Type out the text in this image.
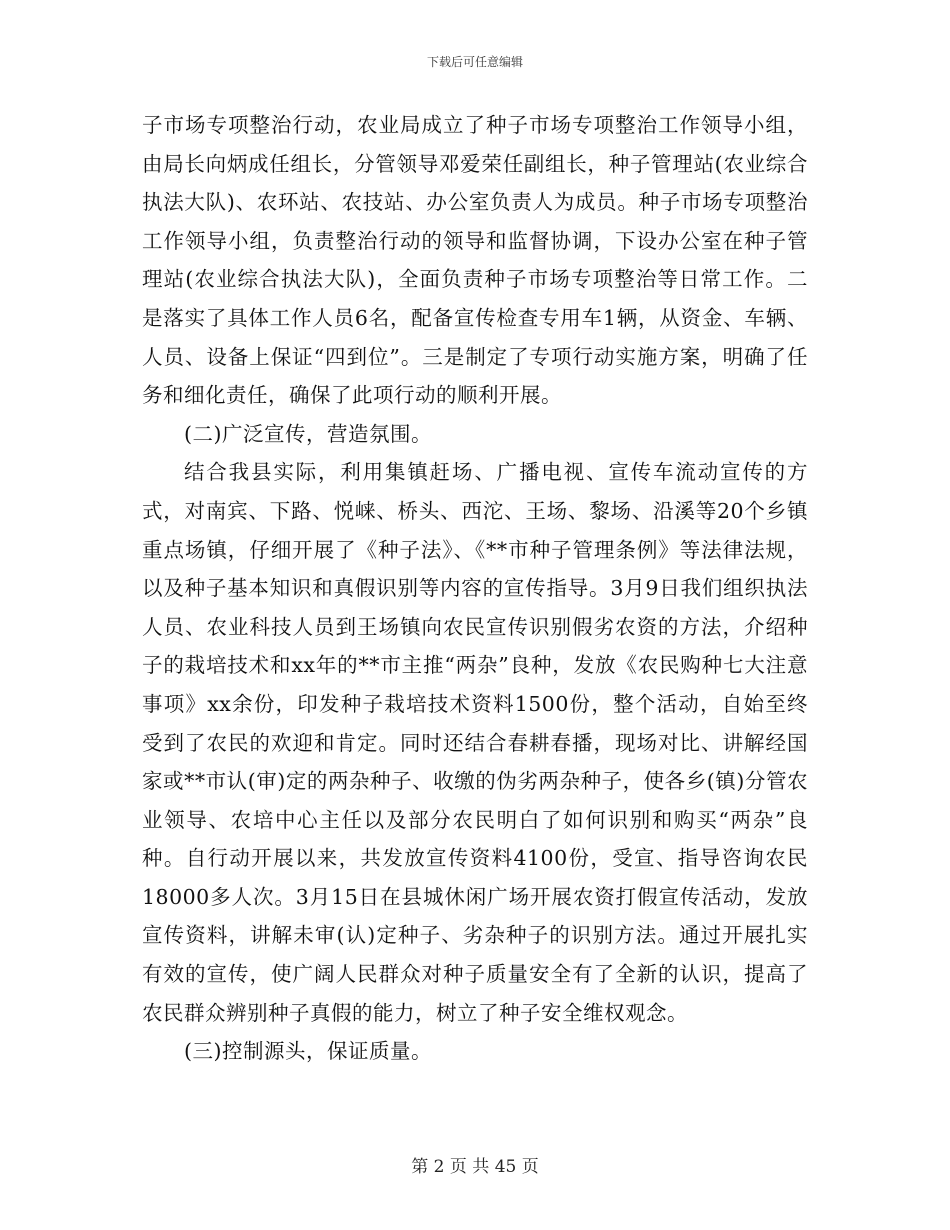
下载后可任意编辑

子市场专项整治行动，农业局成立了种子市场专项整治工作领导小组，由局长向炳成任组长，分管领导邓爱荣任副组长，种子管理站(农业综合执法大队)、农环站、农技站、办公室负责人为成员。种子市场专项整治工作领导小组，负责整治行动的领导和监督协调，下设办公室在种子管理站(农业综合执法大队)，全面负责种子市场专项整治等日常工作。二是落实了具体工作人员6名，配备宣传检查专用车1辆，从资金、车辆、人员、设备上保证“四到位”。三是制定了专项行动实施方案，明确了任务和细化责任，确保了此项行动的顺利开展。

(二)广泛宣传，营造氛围。

结合我县实际，利用集镇赶场、广播电视、宣传车流动宣传的方式，对南宾、下路、悦崃、桥头、西沱、王场、黎场、沿溪等20个乡镇重点场镇，仔细开展了《种子法》、《**市种子管理条例》等法律法规，以及种子基本知识和真假识别等内容的宣传指导。3月9日我们组织执法人员、农业科技人员到王场镇向农民宣传识别假劣农资的方法，介绍种子的栽培技术和xx年的**市主推“两杂”良种，发放《农民购种七大注意事项》xx余份，印发种子栽培技术资料1500份，整个活动，自始至终受到了农民的欢迎和肯定。同时还结合春耕春播，现场对比、讲解经国家或**市认(审)定的两杂种子、收缴的伪劣两杂种子，使各乡(镇)分管农业领导、农培中心主任以及部分农民明白了如何识别和购买“两杂”良种。自行动开展以来，共发放宣传资料4100份，受宣、指导咨询农民18000多人次。3月15日在县城休闲广场开展农资打假宣传活动，发放宣传资料，讲解未审(认)定种子、劣杂种子的识别方法。通过开展扎实有效的宣传，使广阔人民群众对种子质量安全有了全新的认识，提高了农民群众辨别种子真假的能力，树立了种子安全维权观念。

(三)控制源头，保证质量。

第 2 页 共 45 页
